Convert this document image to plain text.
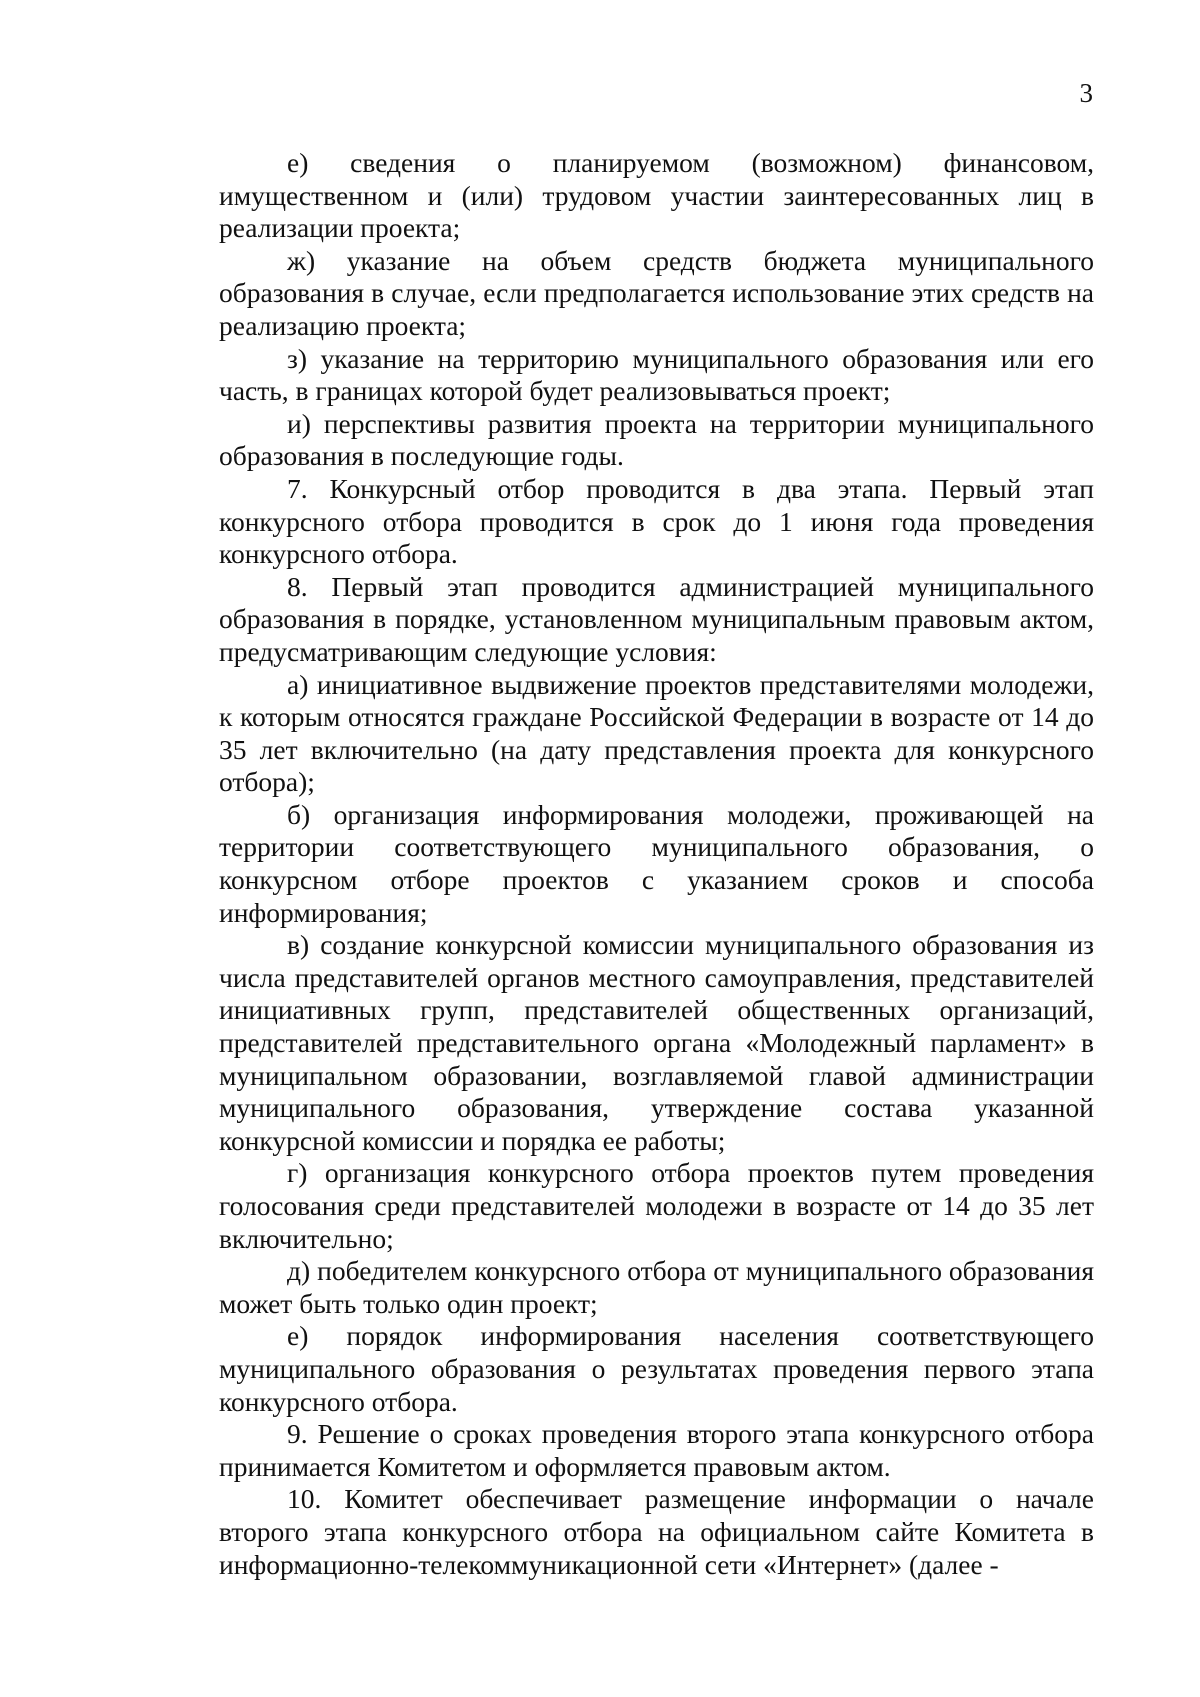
3

е) сведения о планируемом (возможном) финансовом, имущественном и (или) трудовом участии заинтересованных лиц в реализации проекта;

ж) указание на объем средств бюджета муниципального образования в случае, если предполагается использование этих средств на реализацию проекта;

з) указание на территорию муниципального образования или его часть, в границах которой будет реализовываться проект;

и) перспективы развития проекта на территории муниципального образования в последующие годы.

7. Конкурсный отбор проводится в два этапа. Первый этап конкурсного отбора проводится в срок до 1 июня года проведения конкурсного отбора.

8. Первый этап проводится администрацией муниципального образования в порядке, установленном муниципальным правовым актом, предусматривающим следующие условия:

а) инициативное выдвижение проектов представителями молодежи, к которым относятся граждане Российской Федерации в возрасте от 14 до 35 лет включительно (на дату представления проекта для конкурсного отбора);

б) организация информирования молодежи, проживающей на территории соответствующего муниципального образования, о конкурсном отборе проектов с указанием сроков и способа информирования;

в) создание конкурсной комиссии муниципального образования из числа представителей органов местного самоуправления, представителей инициативных групп, представителей общественных организаций, представителей представительного органа «Молодежный парламент» в муниципальном образовании, возглавляемой главой администрации муниципального образования, утверждение состава указанной конкурсной комиссии и порядка ее работы;

г) организация конкурсного отбора проектов путем проведения голосования среди представителей молодежи в возрасте от 14 до 35 лет включительно;

д) победителем конкурсного отбора от муниципального образования может быть только один проект;

е) порядок информирования населения соответствующего муниципального образования о результатах проведения первого этапа конкурсного отбора.

9. Решение о сроках проведения второго этапа конкурсного отбора принимается Комитетом и оформляется правовым актом.

10. Комитет обеспечивает размещение информации о начале второго этапа конкурсного отбора на официальном сайте Комитета в информационно-телекоммуникационной сети «Интернет» (далее -
